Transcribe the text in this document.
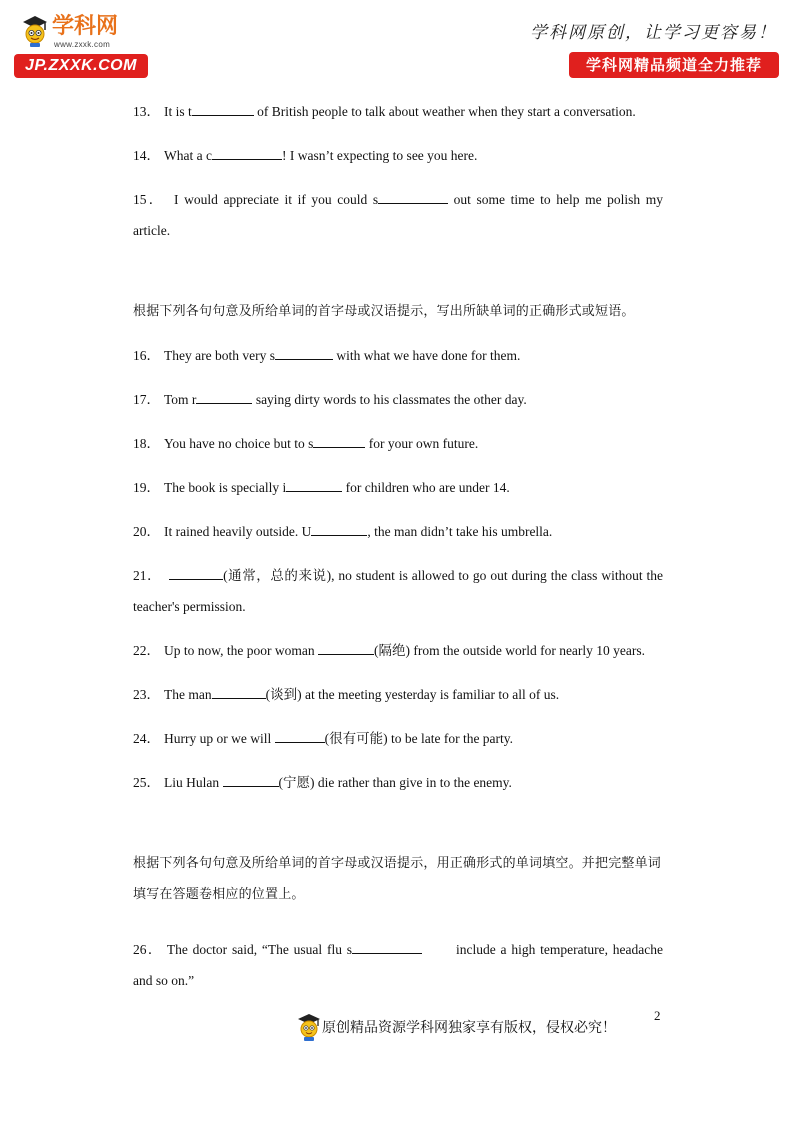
学科网
www.zxxk.com
JP.ZXXK.COM
学科网原创，让学习更容易！
学科网精品频道全力推荐

13． It is t	of British people to talk about weather when they start a conversation.

14． What a c	! I wasn’t expecting to see you here.

15． I would appreciate it if you could s	out some time to help me polish my article.

根据下列各句句意及所给单词的首字母或汉语提示，写出所缺单词的正确形式或短语。

16． They are both very s	with what we have done for them.

17． Tom r	saying dirty words to his classmates the other day.

18． You have no choice but to s	for your own future.

19． The book is specially i	for children who are under 14.

20． It rained heavily outside. U	, the man didn’t take his umbrella.

21．	(通常，总的来说), no student is allowed to go out during the class without the teacher's permission.

22． Up to now, the poor woman	(隔绝) from the outside world for nearly 10 years.

23． The man	(谈到) at the meeting yesterday is familiar to all of us.

24． Hurry up or we will	(很有可能) to be late for the party.

25． Liu Hulan	(宁愿) die rather than give in to the enemy.

根据下列各句句意及所给单词的首字母或汉语提示，用正确形式的单词填空。并把完整单词填写在答题卷相应的位置上。

26． The doctor said, “The usual flu s	include a high temperature, headache and so on.”

2
原创精品资源学科网独家享有版权，侵权必究！
